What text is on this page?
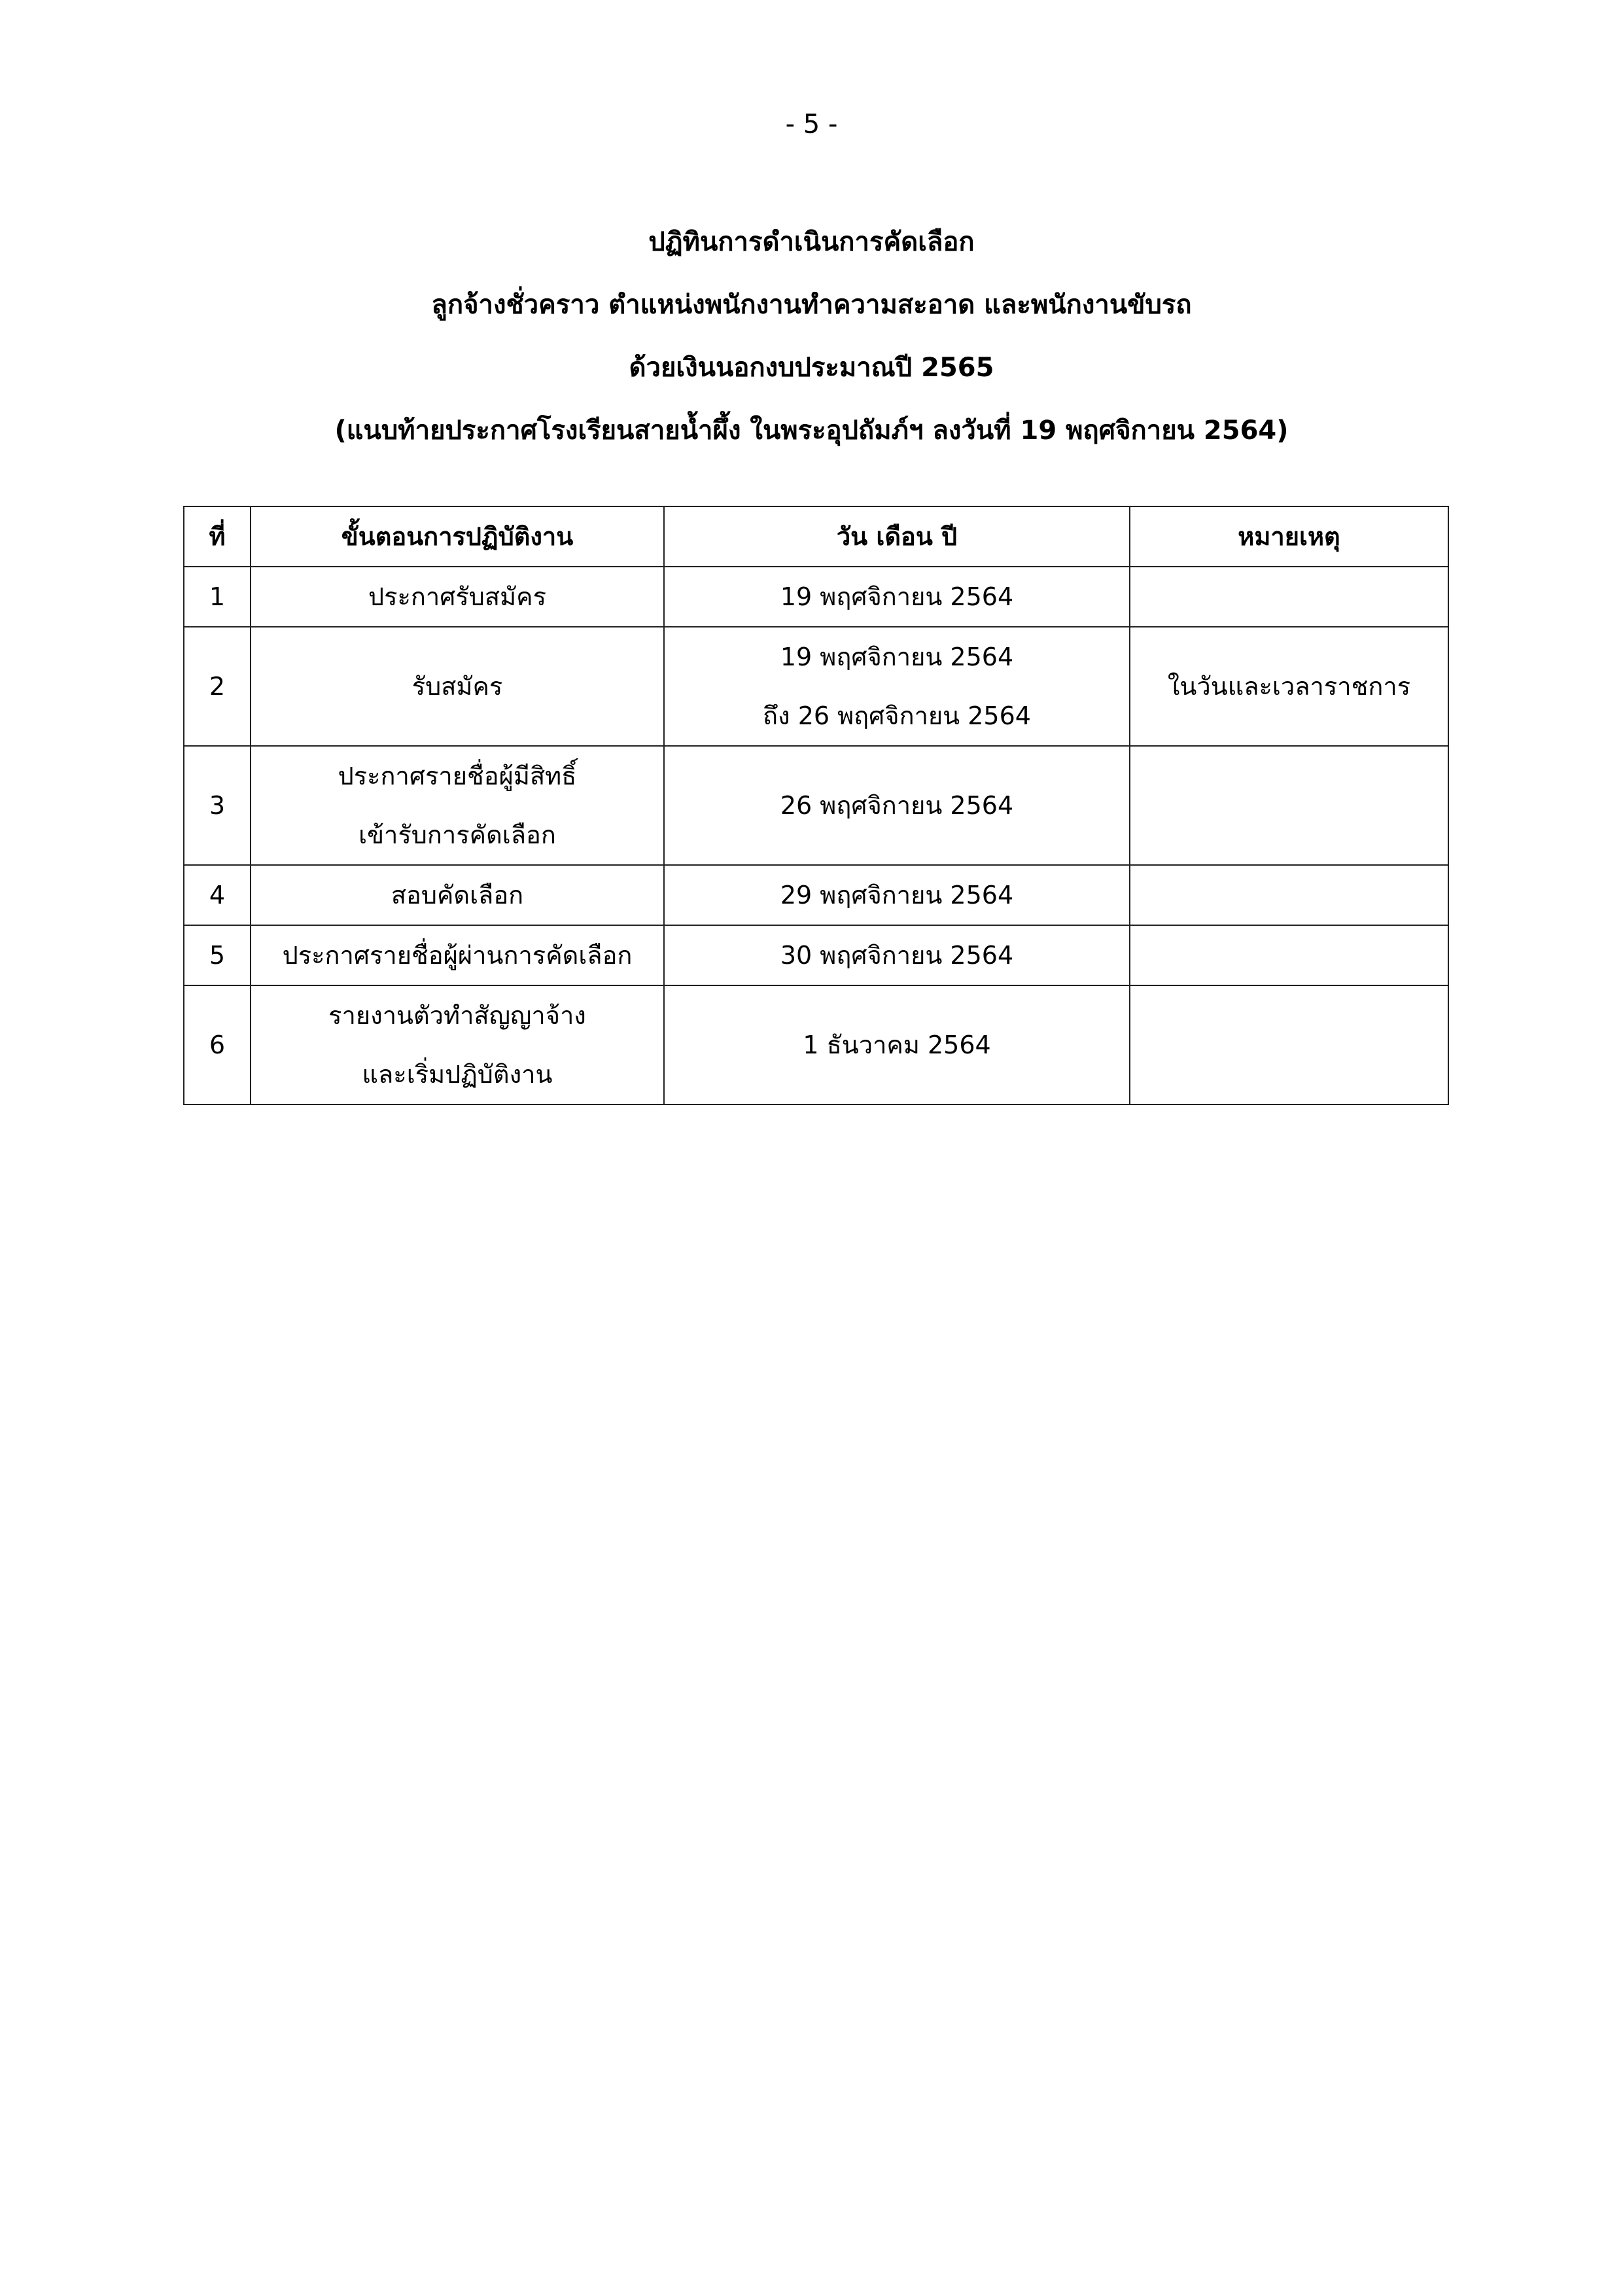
- 5 -
ปฏิทินการดำเนินการคัดเลือก
ลูกจ้างชั่วคราว ตำแหน่งพนักงานทำความสะอาด และพนักงานขับรถ
ด้วยเงินนอกงบประมาณปี 2565
(แนบท้ายประกาศโรงเรียนสายน้ำผึ้ง ในพระอุปถัมภ์ฯ ลงวันที่ 19 พฤศจิกายน 2564)
ที่	ขั้นตอนการปฏิบัติงาน	วัน เดือน ปี	หมายเหตุ
1	ประกาศรับสมัคร	19 พฤศจิกายน 2564	

2	รับสมัคร	19 พฤศจิกายน 2564
ถึง 26 พฤศจิกายน 2564	ในวันและเวลาราชการ
3	ประกาศรายชื่อผู้มีสิทธิ์
เข้ารับการคัดเลือก	26 พฤศจิกายน 2564	

4	สอบคัดเลือก	29 พฤศจิกายน 2564	

5	ประกาศรายชื่อผู้ผ่านการคัดเลือก	30 พฤศจิกายน 2564	

6	รายงานตัวทำสัญญาจ้าง
และเริ่มปฏิบัติงาน	1 ธันวาคม 2564	
